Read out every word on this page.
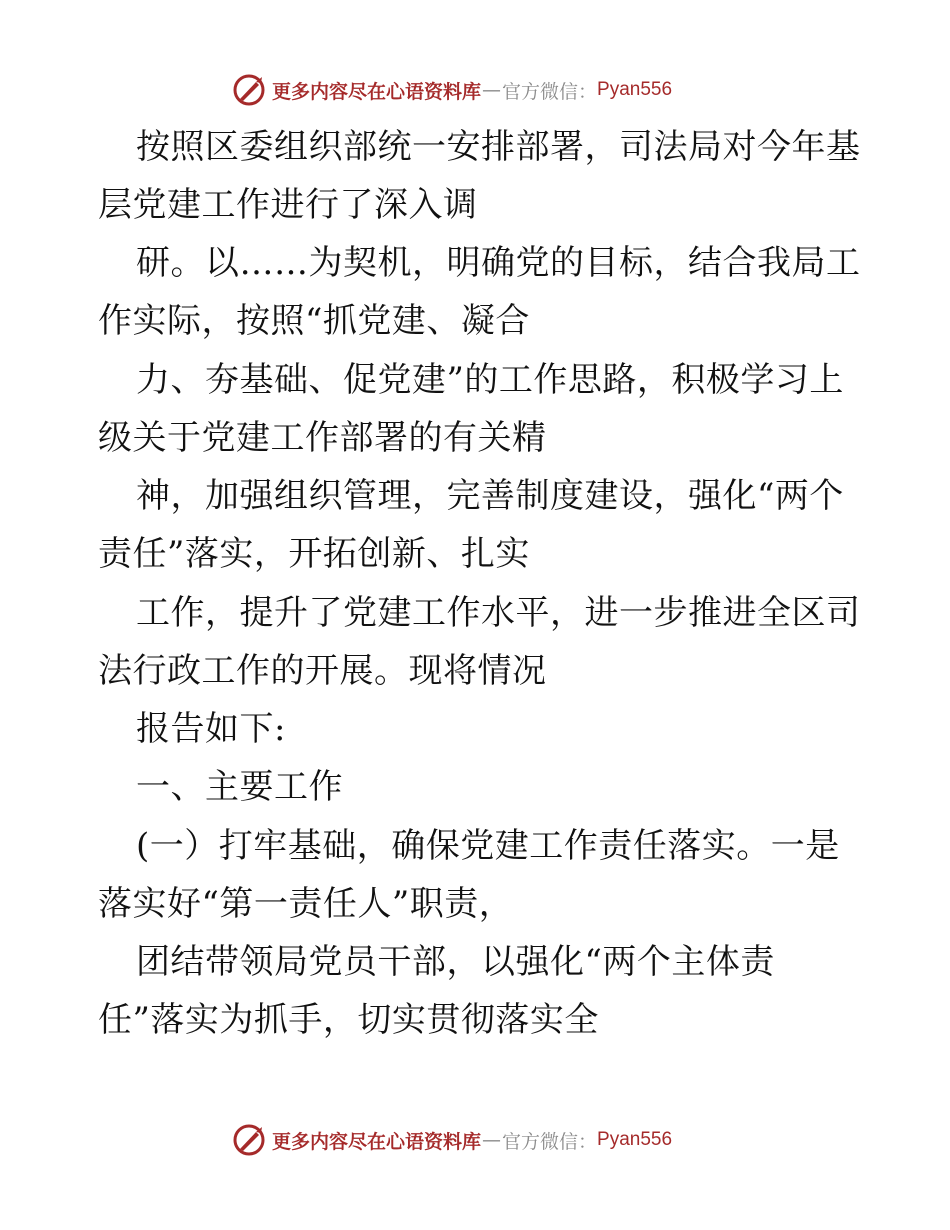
更多内容尽在心语资料库 — 官方微信： Pyan556
按照区委组织部统一安排部署，司法局对今年基
层党建工作进行了深入调
研。以……为契机，明确党的目标，结合我局工
作实际，按照“抓党建、凝合
力、夯基础、促党建”的工作思路，积极学习上
级关于党建工作部署的有关精
神，加强组织管理，完善制度建设，强化“两个
责任”落实，开拓创新、扎实
工作，提升了党建工作水平，进一步推进全区司
法行政工作的开展。现将情况
报告如下:
一、主要工作
(一）打牢基础，确保党建工作责任落实。一是
落实好“第一责任人”职责，
团结带领局党员干部，以强化“两个主体责
任”落实为抓手，切实贯彻落实全
更多内容尽在心语资料库 — 官方微信： Pyan556
